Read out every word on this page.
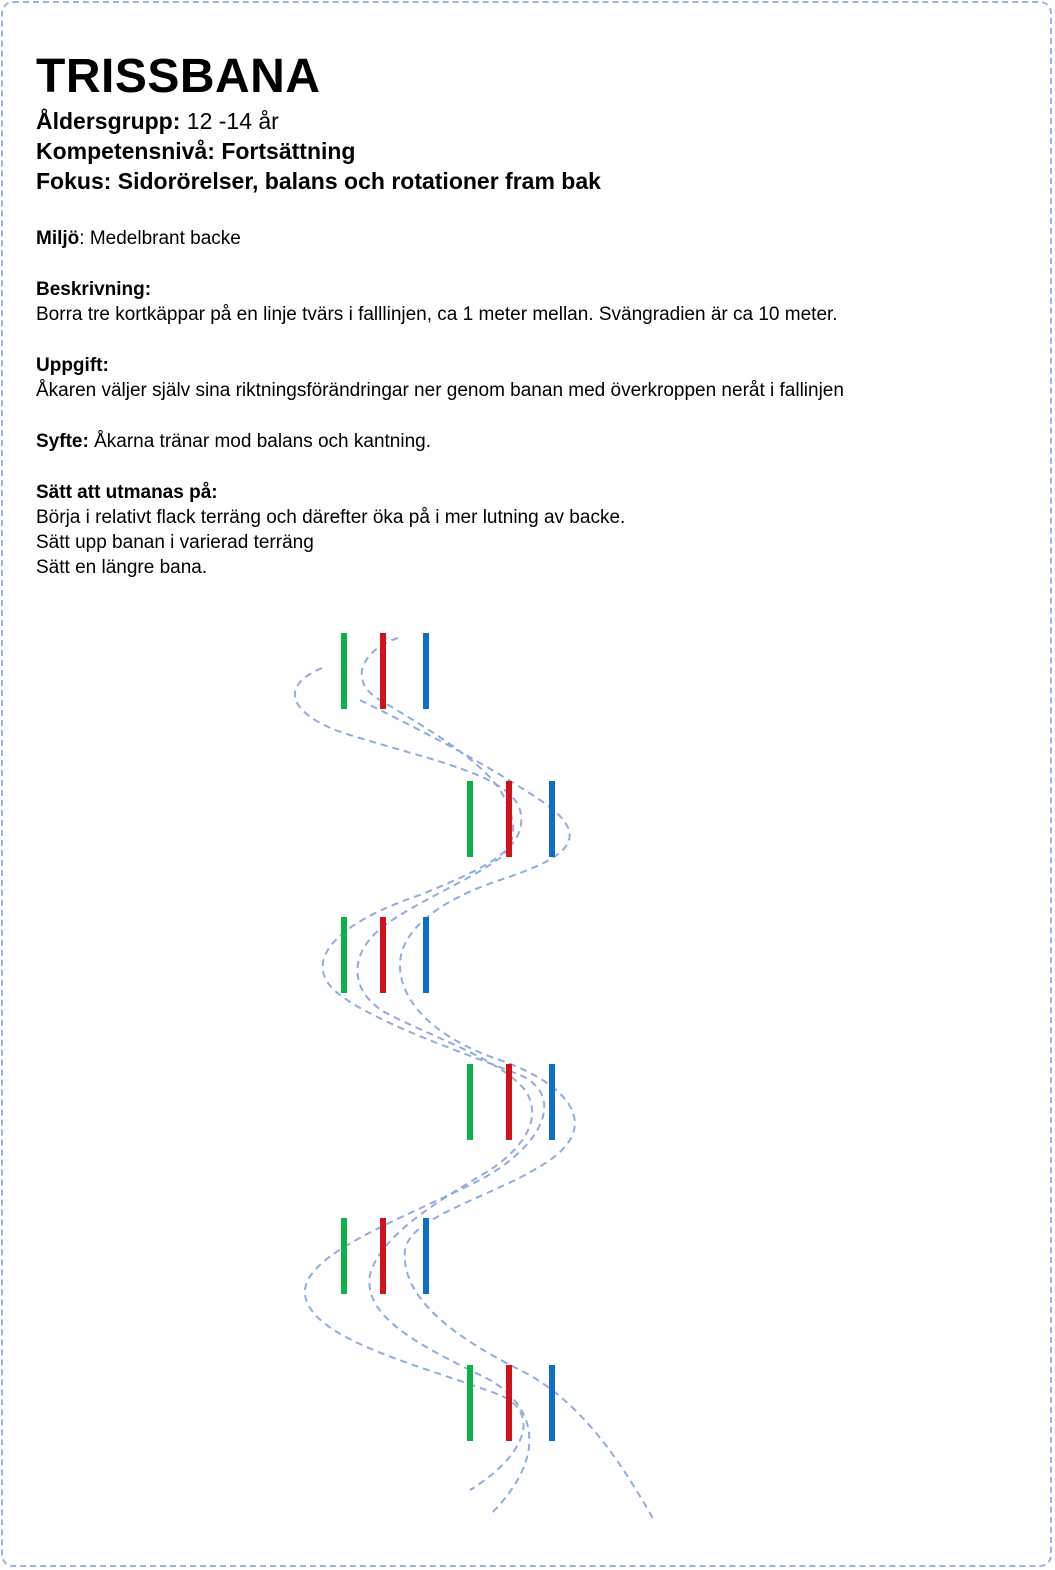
TRISSBANA
Åldersgrupp: 12 -14 år
Kompetensnivå: Fortsättning
Fokus: Sidorörelser, balans och rotationer fram bak
Miljö: Medelbrant backe
Beskrivning:
Borra tre kortkäppar på en linje tvärs i falllinjen, ca 1 meter mellan. Svängradien är ca 10 meter.
Uppgift:
Åkaren väljer själv sina riktningsförändringar ner genom banan med överkroppen neråt i fallinjen
Syfte: Åkarna tränar mod balans och kantning.
Sätt att utmanas på:
Börja i relativt flack terräng och därefter öka på i mer lutning av backe.
Sätt upp banan i varierad terräng
Sätt en längre bana.
